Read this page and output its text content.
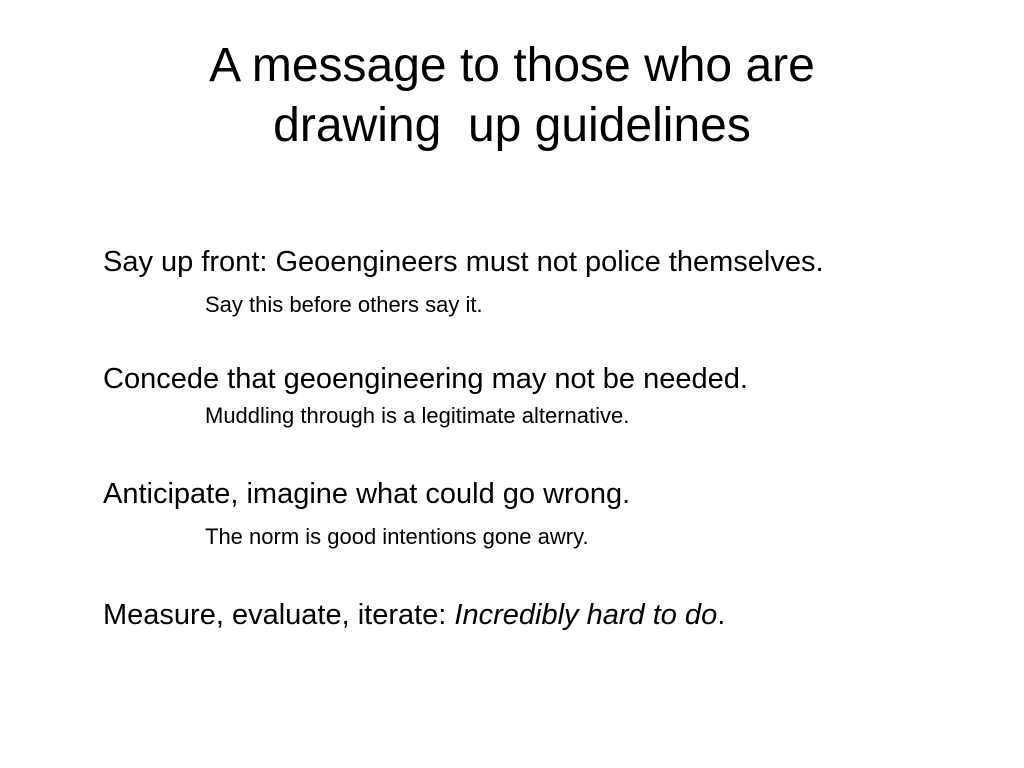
A message to those who are
drawing  up guidelines

Say up front: Geoengineers must not police themselves.

Say this before others say it.

Concede that geoengineering may not be needed.

Muddling through is a legitimate alternative.

Anticipate, imagine what could go wrong.

The norm is good intentions gone awry.

Measure, evaluate, iterate: Incredibly hard to do.
